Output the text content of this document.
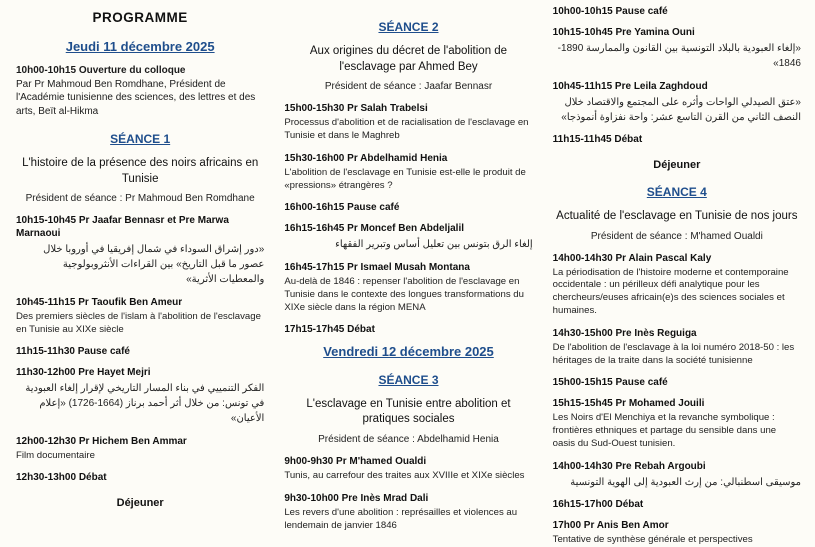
PROGRAMME
Jeudi 11 décembre 2025
10h00-10h15 Ouverture du colloque
Par Pr Mahmoud Ben Romdhane, Président de l'Académie tunisienne des sciences, des lettres et des arts, Beït al-Hikma
SÉANCE 1
L'histoire de la présence des noirs africains en Tunisie
Président de séance : Pr Mahmoud Ben Romdhane
10h15-10h45 Pr Jaafar Bennasr et Pre Marwa Marnaoui
«دور إشراق السوداء في شمال إفريقيا في أوروبا خلال عصور ما قبل التاريخ» بين القراءات الأنثروبولوجية والمعطيات الأثرية»
10h45-11h15 Pr Taoufik Ben Ameur
Des premiers siècles de l'islam à l'abolition de l'esclavage en Tunisie au XIXe siècle
11h15-11h30 Pause café
11h30-12h00 Pre Hayet Mejri
الفكر التنمييي في بناء المسار التاريخي لإقرار إلغاء العبودية في تونس: من خلال أثر أحمد برناز (1664-1726) «إعلام الأعيان»
12h00-12h30 Pr Hichem Ben Ammar
Film documentaire
12h30-13h00 Débat
Déjeuner
SÉANCE 2
Aux origines du décret de l'abolition de l'esclavage par Ahmed Bey
Président de séance : Jaafar Bennasr
15h00-15h30 Pr Salah Trabelsi
Processus d'abolition et de racialisation de l'esclavage en Tunisie et dans le Maghreb
15h30-16h00 Pr Abdelhamid Henia
L'abolition de l'esclavage en Tunisie est-elle le produit de «pressions» étrangères ?
16h00-16h15 Pause café
16h15-16h45 Pr Moncef Ben Abdeljalil
إلغاء الرق بتونس بين تعليل أساس وتبرير الفقهاء
16h45-17h15 Pr Ismael Musah Montana
Au-delà de 1846 : repenser l'abolition de l'esclavage en Tunisie dans le contexte des longues transformations du XIXe siècle dans la région MENA
17h15-17h45 Débat
Vendredi 12 décembre 2025
SÉANCE 3
L'esclavage en Tunisie entre abolition et pratiques sociales
Président de séance : Abdelhamid Henia
9h00-9h30 Pr M'hamed Oualdi
Tunis, au carrefour des traites aux XVIIIe et XIXe siècles
9h30-10h00 Pre Inès Mrad Dali
Les revers d'une abolition : représailles et violences au lendemain de janvier 1846
10h00-10h15 Pause café
10h15-10h45 Pre Yamina Ouni
«إلغاء العبودية بالبلاد التونسية بين القانون والممارسة 1890-1846»
10h45-11h15 Pre Leila Zaghdoud
«عتق الصيدلي الواحات وأثره على المجتمع والاقتصاد خلال النصف الثاني من القرن التاسع عشر: واحة نفزاوة أنموذجا»
11h15-11h45 Débat
Déjeuner
SÉANCE 4
Actualité de l'esclavage en Tunisie de nos jours
Président de séance : M'hamed Oualdi
14h00-14h30 Pr Alain Pascal Kaly
La périodisation de l'histoire moderne et contemporaine occidentale : un périlleux défi analytique pour les chercheurs/euses africain(e)s des sciences sociales et humaines.
14h30-15h00 Pre Inès Reguiga
De l'abolition de l'esclavage à la loi numéro 2018-50 : les héritages de la traite dans la société tunisienne
15h00-15h15 Pause café
15h15-15h45 Pr Mohamed Jouili
Les Noirs d'El Menchiya et la revanche symbolique : frontières ethniques et partage du sensible dans une oasis du Sud-Ouest tunisien.
14h00-14h30 Pre Rebah Argoubi
موسيقى اسطنبالي: من إرث العبودية إلى الهوية التونسية
16h15-17h00 Débat
17h00 Pr Anis Ben Amor
Tentative de synthèse générale et perspectives
